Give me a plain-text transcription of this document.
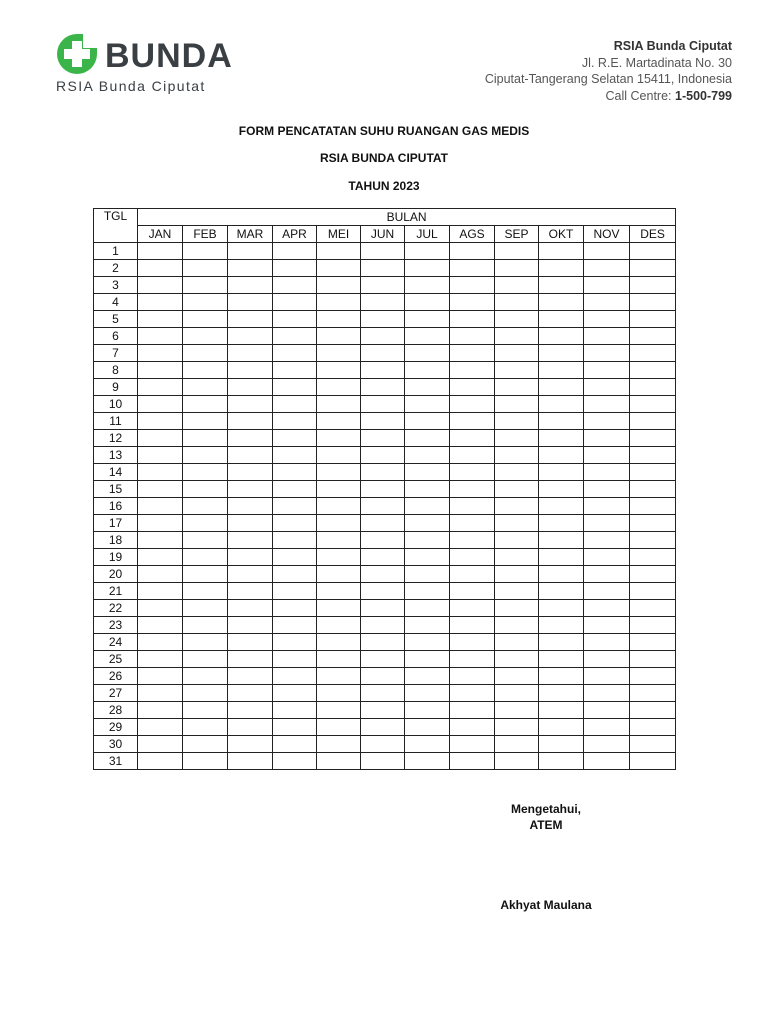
BUNDA
RSIA Bunda Ciputat
RSIA Bunda Ciputat
Jl. R.E. Martadinata No. 30
Ciputat-Tangerang Selatan 15411, Indonesia
Call Centre: 1-500-799
FORM PENCATATAN SUHU RUANGAN GAS MEDIS
RSIA BUNDA CIPUTAT
TAHUN 2023
TGL	BULAN											
	JAN	FEB	MAR	APR	MEI	JUN	JUL	AGS	SEP	OKT	NOV	DES
1												
2												
3												
4												
5												
6												
7												
8												
9												
10												
11												
12												
13												
14												
15												
16												
17												
18												
19												
20												
21												
22												
23												
24												
25												
26												
27												
28												
29												
30												
31												
Mengetahui,
ATEM
Akhyat Maulana
